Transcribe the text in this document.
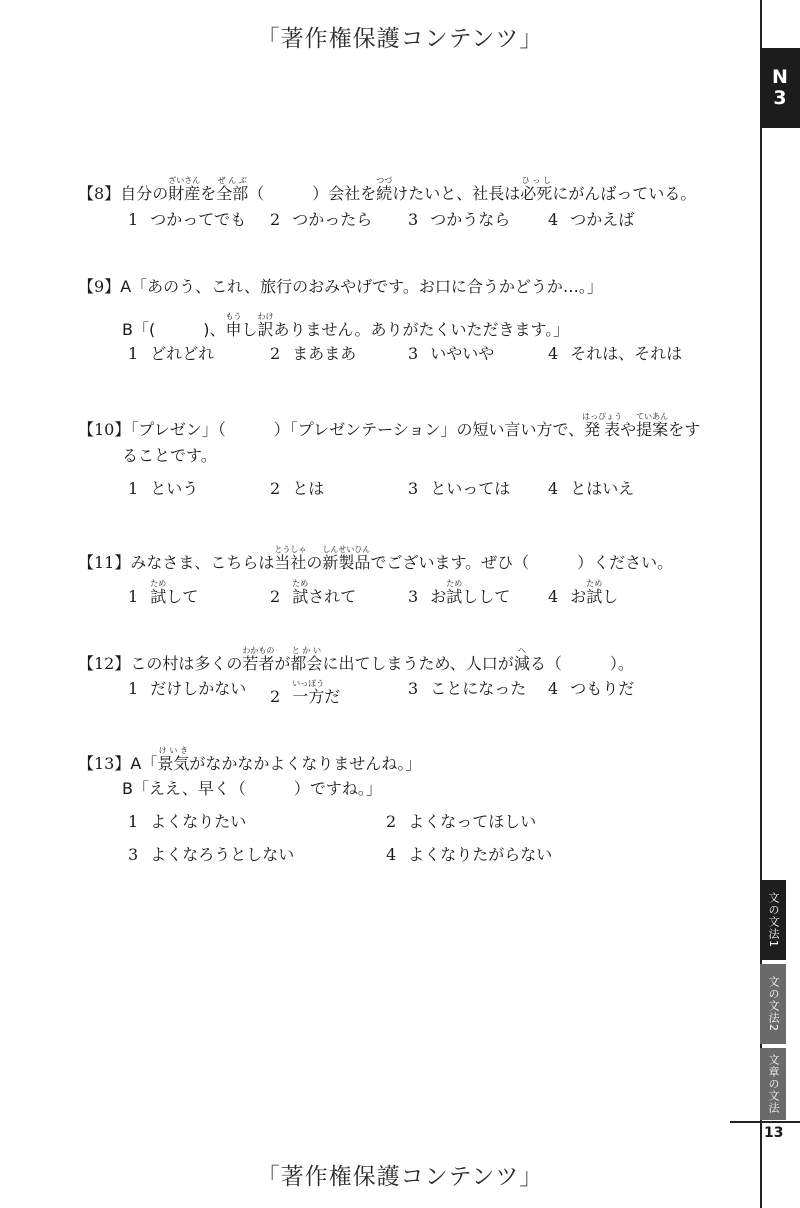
「著作権保護コンテンツ」
N
3
文の文法1
文の文法2
文章の文法
13
【8】自分の財産ざいさんを全部ぜんぶ（　　　）会社を続つづけたいと、社長は必死ひっしにがんばっている。
1 つかってでも 2 つかったら 3 つかうなら 4 つかえば
【9】A「あのう、これ、旅行のおみやげです。お口に合うかどうか…。」
B「(　　　)、申もうし訳わけありません。ありがたくいただきます。」
1 どれどれ	2 まあまあ	3 いやいや	4 それは、それは
【10】「プレゼン」（　　　）「プレゼンテーション」の短い言い方で、発表はっぴょうや提案ていあんをす
ることです。
1 という	2 とは	3 といっては 4 とはいえ
【11】みなさま、こちらは当社とうしゃの新製品しんせいひんでございます。ぜひ（　　　）ください。
1 試ためして	2 試ためされて	3 お試ためしして 4 お試ためし
【12】この村は多くの若者わかものが都会とかいに出てしまうため、人口が減へる（　　　）。
1 だけしかない 2 一方いっぽうだ	3 ことになった 4 つもりだ
【13】A「景気けいきがなかなかよくなりませんね。」
B「ええ、早く（　　　）ですね。」
1 よくなりたい	2 よくなってほしい
3 よくなろうとしない	4 よくなりたがらない
「著作権保護コンテンツ」
